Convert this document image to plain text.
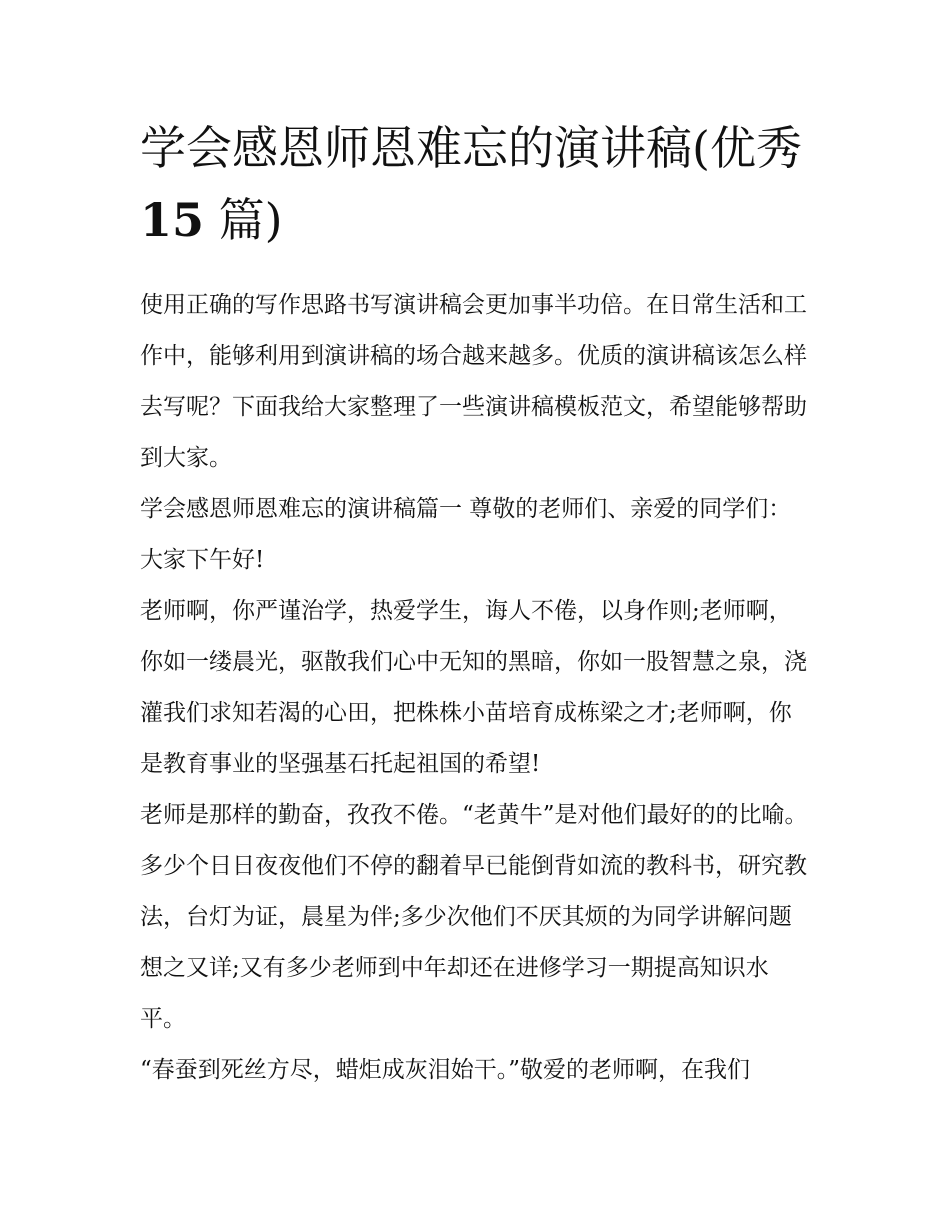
学会感恩师恩难忘的演讲稿(优秀 15 篇)

使用正确的写作思路书写演讲稿会更加事半功倍。在日常生活和工作中，能够利用到演讲稿的场合越来越多。优质的演讲稿该怎么样去写呢？下面我给大家整理了一些演讲稿模板范文，希望能够帮助到大家。

学会感恩师恩难忘的演讲稿篇一 尊敬的老师们、亲爱的同学们： 大家下午好!

老师啊，你严谨治学，热爱学生，诲人不倦，以身作则;老师啊，你如一缕晨光，驱散我们心中无知的黑暗，你如一股智慧之泉，浇灌我们求知若渴的心田，把株株小苗培育成栋梁之才;老师啊，你是教育事业的坚强基石托起祖国的希望!

老师是那样的勤奋，孜孜不倦。“老黄牛”是对他们最好的的比喻。多少个日日夜夜他们不停的翻着早已能倒背如流的教科书，研究教法，台灯为证，晨星为伴;多少次他们不厌其烦的为同学讲解问题想之又详;又有多少老师到中年却还在进修学习一期提高知识水平。

“春蚕到死丝方尽，蜡炬成灰泪始干。”敬爱的老师啊，在我们
